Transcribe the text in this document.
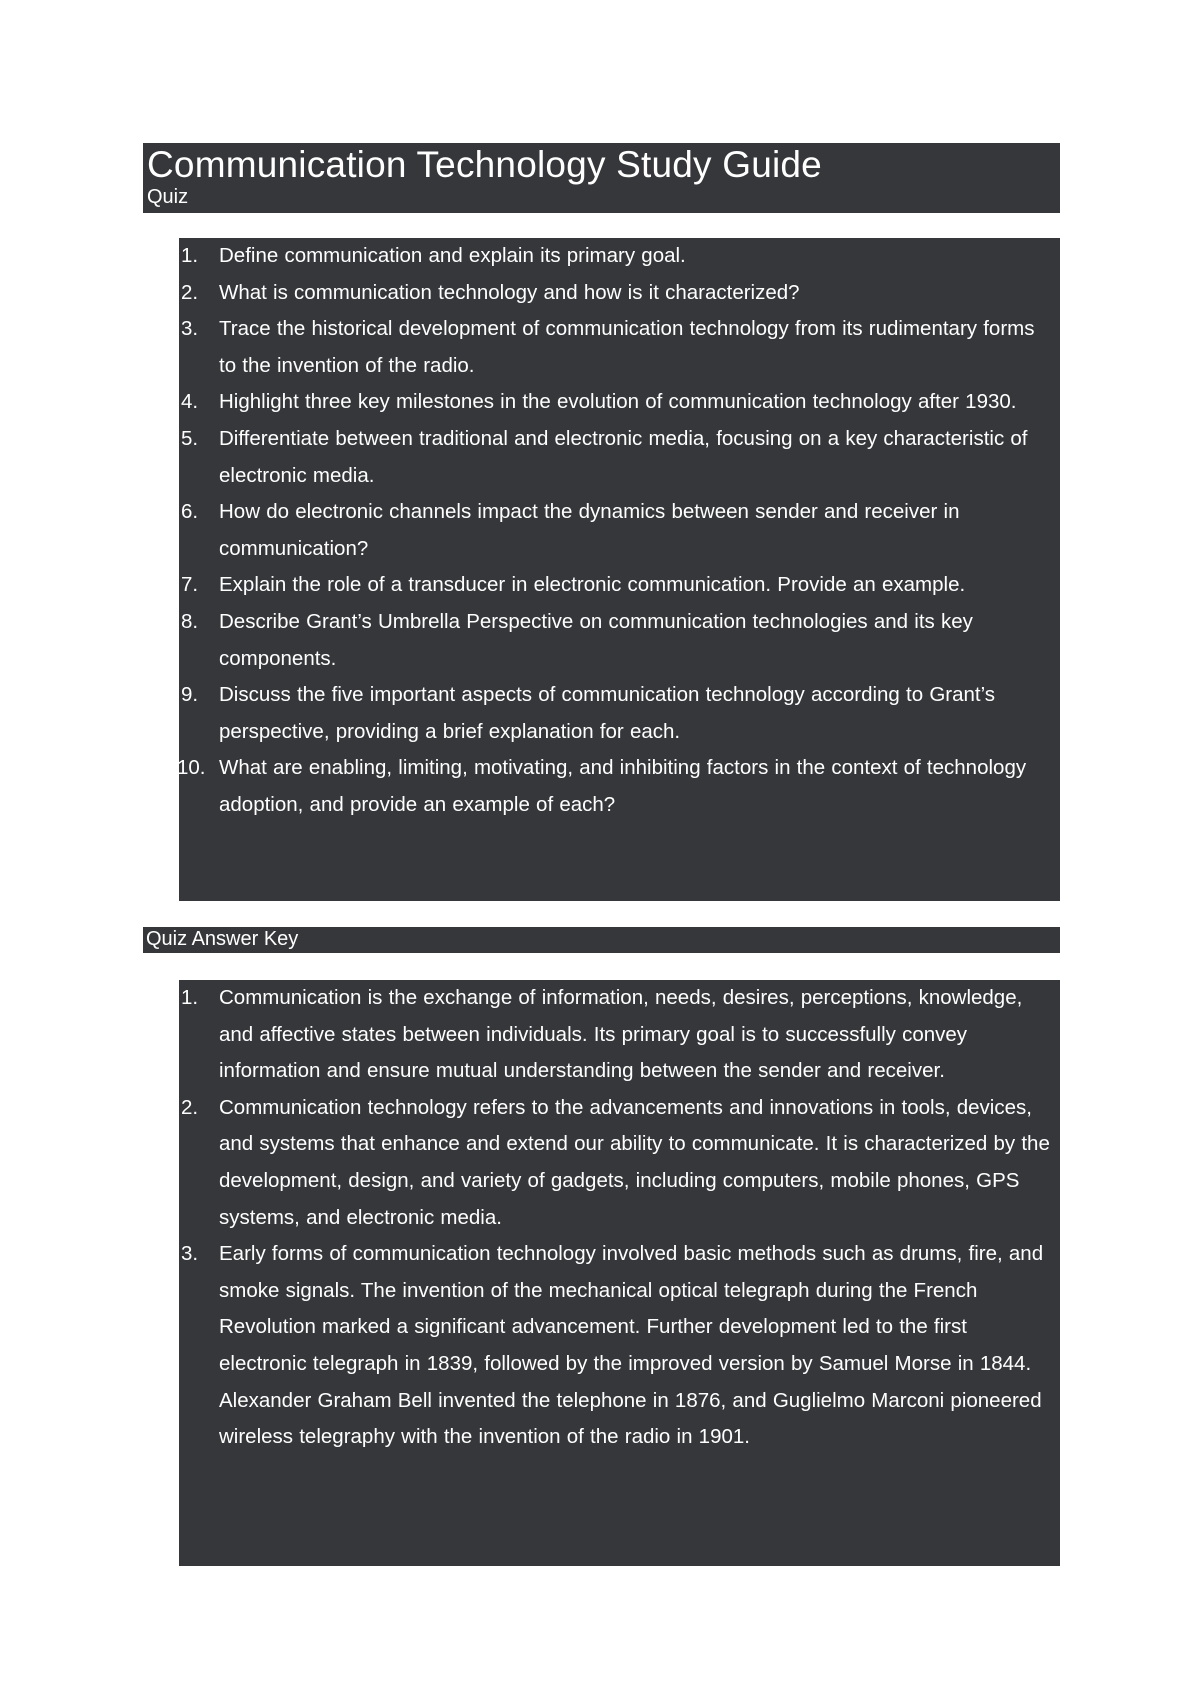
Communication Technology Study Guide
Quiz
1.	Define communication and explain its primary goal.
2.	What is communication technology and how is it characterized?
3.	Trace the historical development of communication technology from its rudimentary forms to the invention of the radio.
4.	Highlight three key milestones in the evolution of communication technology after 1930.
5.	Differentiate between traditional and electronic media, focusing on a key characteristic of electronic media.
6.	How do electronic channels impact the dynamics between sender and receiver in communication?
7.	Explain the role of a transducer in electronic communication. Provide an example.
8.	Describe Grant’s Umbrella Perspective on communication technologies and its key components.
9.	Discuss the five important aspects of communication technology according to Grant’s perspective, providing a brief explanation for each.
10. What are enabling, limiting, motivating, and inhibiting factors in the context of technology adoption, and provide an example of each?
Quiz Answer Key
1.	Communication is the exchange of information, needs, desires, perceptions, knowledge, and affective states between individuals. Its primary goal is to successfully convey information and ensure mutual understanding between the sender and receiver.
2.	Communication technology refers to the advancements and innovations in tools, devices, and systems that enhance and extend our ability to communicate. It is characterized by the development, design, and variety of gadgets, including computers, mobile phones, GPS systems, and electronic media.
3.	Early forms of communication technology involved basic methods such as drums, fire, and smoke signals. The invention of the mechanical optical telegraph during the French Revolution marked a significant advancement. Further development led to the first electronic telegraph in 1839, followed by the improved version by Samuel Morse in 1844. Alexander Graham Bell invented the telephone in 1876, and Guglielmo Marconi pioneered wireless telegraphy with the invention of the radio in 1901.
